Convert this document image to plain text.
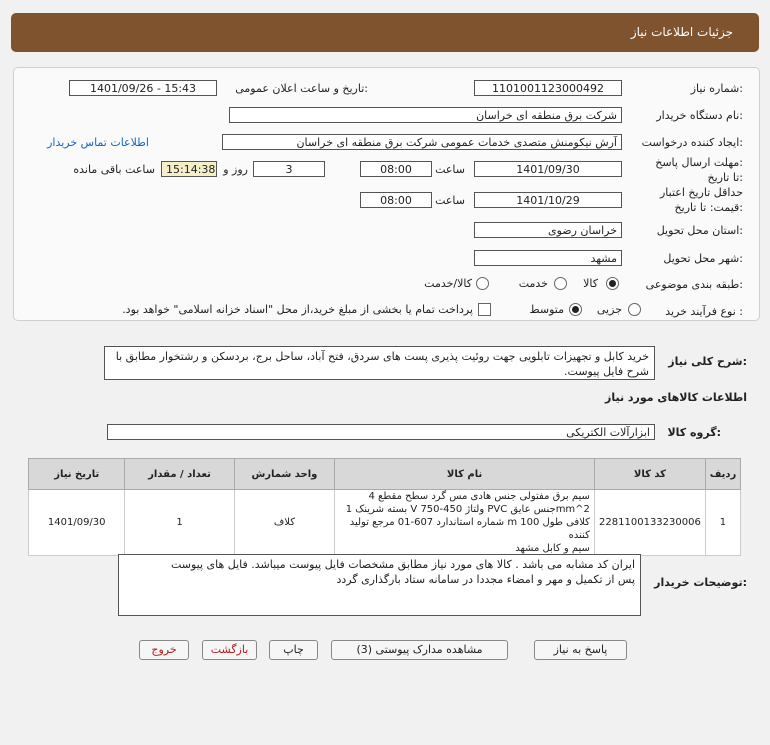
جزئیات اطلاعات نیاز
شماره نیاز:
1101001123000492
تاریخ و ساعت اعلان عمومی:
1401/09/26 - 15:43
نام دستگاه خریدار:
شرکت برق منطقه ای خراسان
ایجاد کننده درخواست:
آرش نیکومنش متصدی خدمات عمومی شرکت برق منطقه ای خراسان
اطلاعات تماس خریدار
مهلت ارسال پاسخ:
تا تاریخ:
1401/09/30
ساعت
08:00
3
روز و
15:14:38
ساعت باقی مانده
حداقل تاریخ اعتبار
قیمت: تا تاریخ:
1401/10/29
ساعت
08:00
استان محل تحویل:
خراسان رضوی
شهر محل تحویل:
مشهد
طبقه بندی موضوعی:
کالا
خدمت
کالا/خدمت
نوع فرآیند خرید :
جزیی
متوسط
پرداخت تمام یا بخشی از مبلغ خرید،از محل "اسناد خزانه اسلامی" خواهد بود.
شرح کلی نیاز:
خرید کابل و تجهیزات تابلویی جهت روئیت پذیری پست های سردق، فتح آباد، ساحل برج، بردسکن و رشتخوار مطابق با شرح فایل پیوست.
اطلاعات کالاهای مورد نیاز
گروه کالا:
ابزارآلات الکتریکی
تاریخ نیاز	تعداد / مقدار	واحد شمارش	نام کالا	کد کالا	ردیف
1401/09/30	1	کلاف	سیم برق مفتولی جنس هادی مس گرد سطح مقطع 4
mm^2جنس عایق PVC ولتاژ 450-750 V بسته شرینک 1
کلافی طول m 100 شماره استاندارد 607-01 مرجع تولید کننده
سیم و کابل مشهد	2281100133230006	1
توضیحات خریدار:
ایران کد مشابه می باشد . کالا های مورد نیاز مطابق مشخصات فایل پیوست میباشد. فایل های پیوست
پس از تکمیل و مهر و امضاء مجددا در سامانه ستاد بارگذاری گردد
پاسخ به نیاز
مشاهده مدارک پیوستی (3)
چاپ
بازگشت
خروج
